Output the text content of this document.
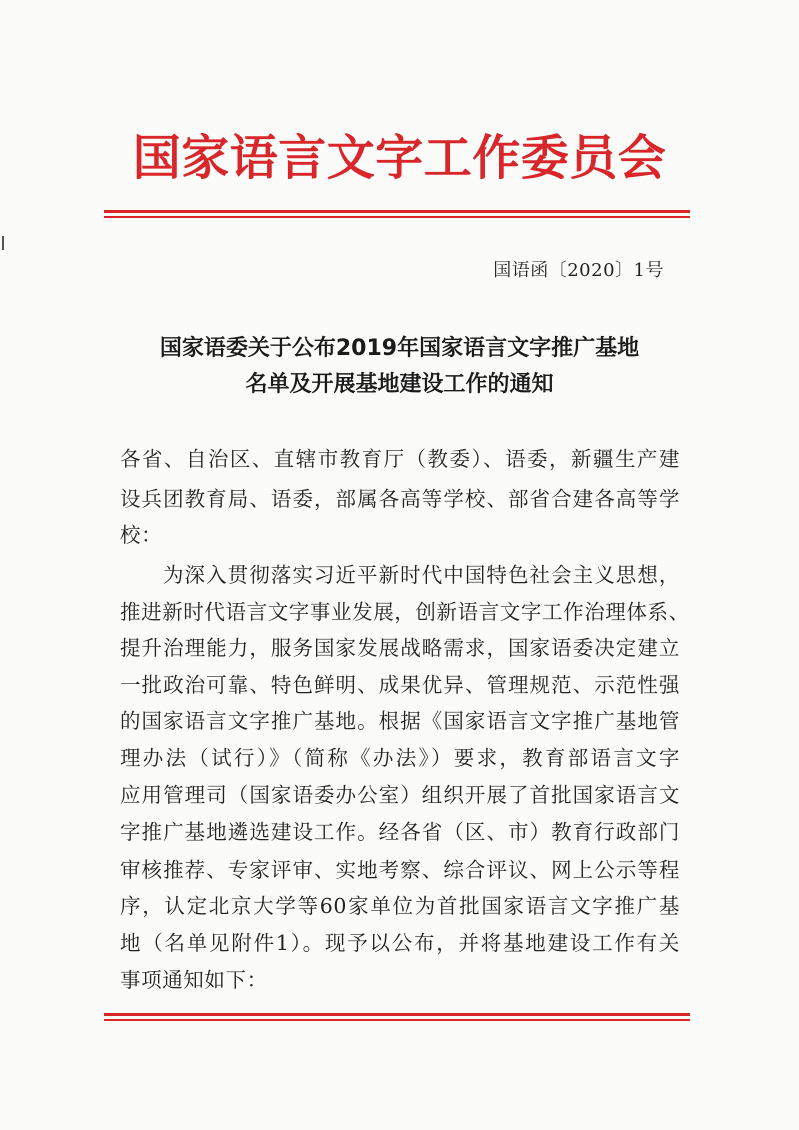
国家语言文字工作委员会
国语函〔2020〕1号
国家语委关于公布2019年国家语言文字推广基地
名单及开展基地建设工作的通知
各省、自治区、直辖市教育厅（教委）、语委，新疆生产建
设兵团教育局、语委，部属各高等学校、部省合建各高等学
校：
为深入贯彻落实习近平新时代中国特色社会主义思想，
推进新时代语言文字事业发展，创新语言文字工作治理体系、
提升治理能力，服务国家发展战略需求，国家语委决定建立
一批政治可靠、特色鲜明、成果优异、管理规范、示范性强
的国家语言文字推广基地。根据《国家语言文字推广基地管
理办法（试行）》（简称《办法》）要求，教育部语言文字
应用管理司（国家语委办公室）组织开展了首批国家语言文
字推广基地遴选建设工作。经各省（区、市）教育行政部门
审核推荐、专家评审、实地考察、综合评议、网上公示等程
序，认定北京大学等60家单位为首批国家语言文字推广基
地（名单见附件1）。现予以公布，并将基地建设工作有关
事项通知如下：
